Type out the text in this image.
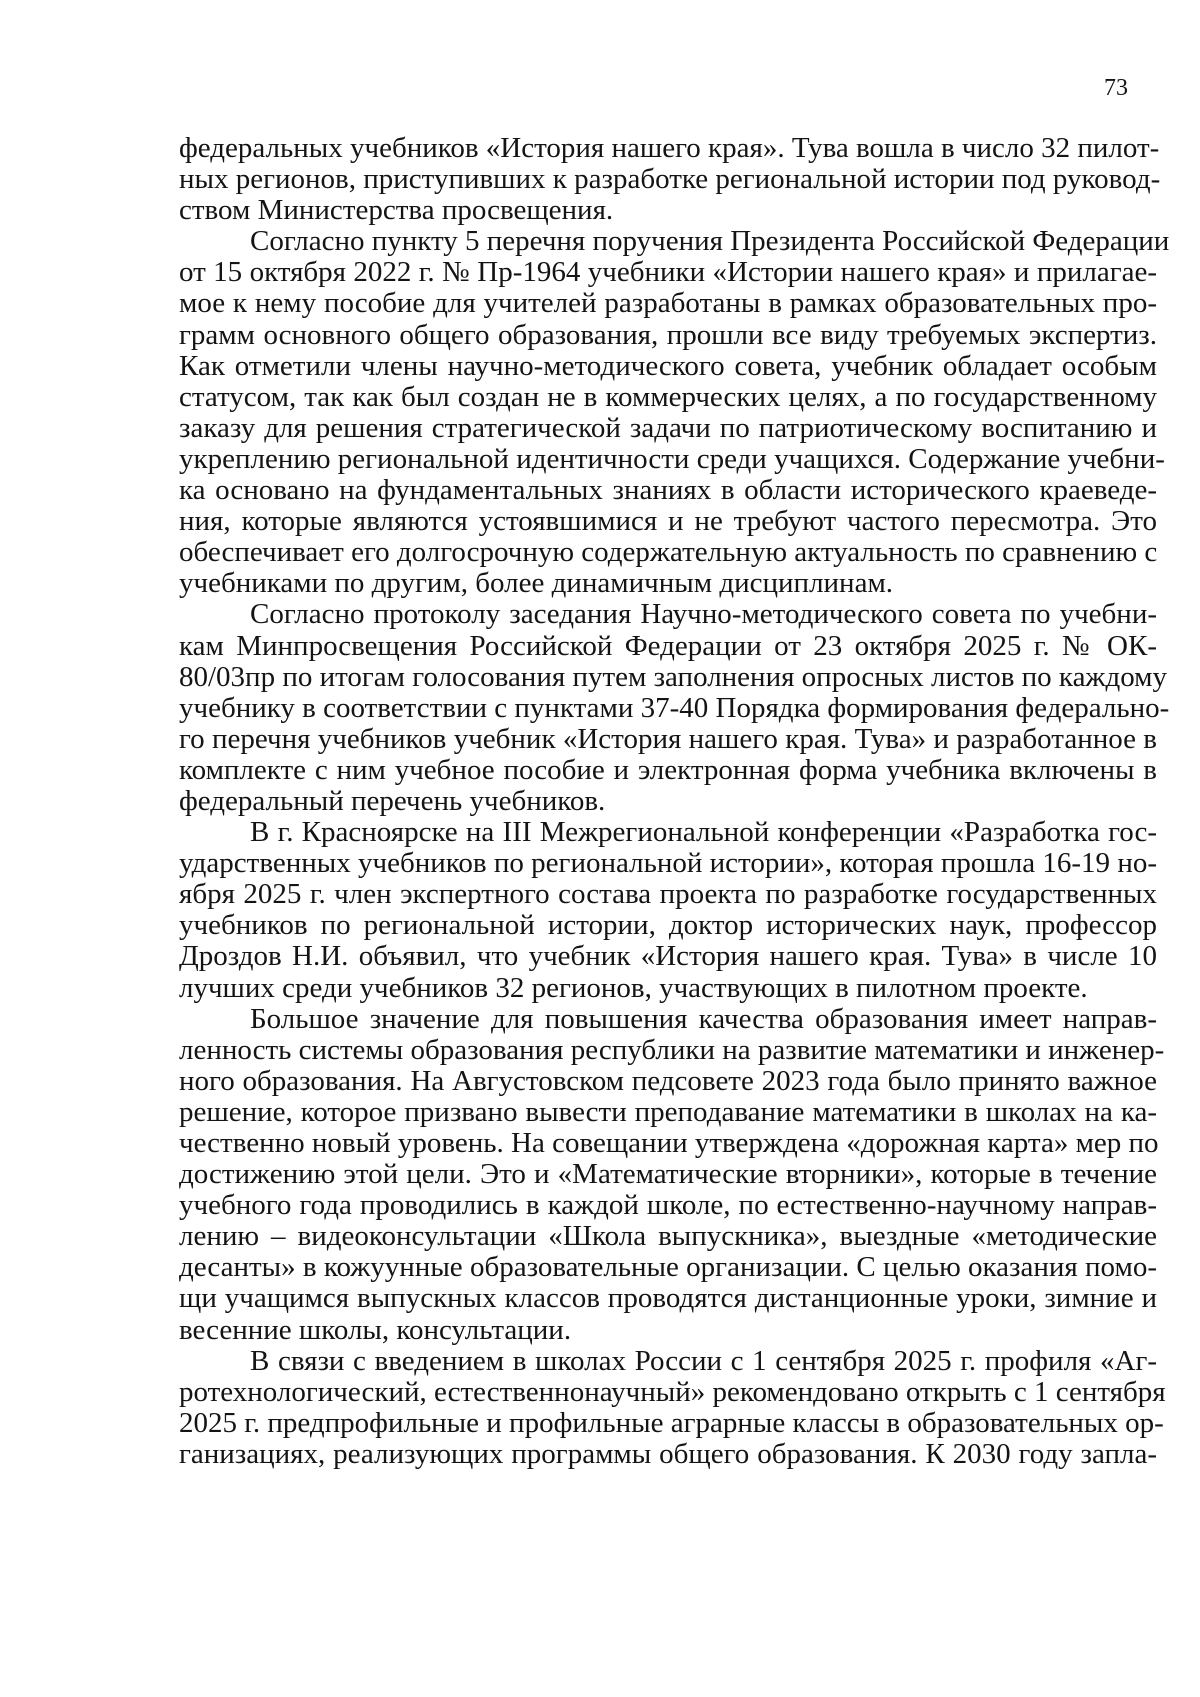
73
федеральных учебников «История нашего края». Тува вошла в число 32 пилот-
ных регионов, приступивших к разработке региональной истории под руковод-
ством Министерства просвещения.
Согласно пункту 5 перечня поручения Президента Российской Федерации
от 15 октября 2022 г. № Пр-1964 учебники «Истории нашего края» и прилагае-
мое к нему пособие для учителей разработаны в рамках образовательных про-
грамм основного общего образования, прошли все виду требуемых экспертиз.
Как отметили члены научно-методического совета, учебник обладает особым
статусом, так как был создан не в коммерческих целях, а по государственному
заказу для решения стратегической задачи по патриотическому воспитанию и
укреплению региональной идентичности среди учащихся. Содержание учебни-
ка основано на фундаментальных знаниях в области исторического краеведе-
ния, которые являются устоявшимися и не требуют частого пересмотра. Это
обеспечивает его долгосрочную содержательную актуальность по сравнению с
учебниками по другим, более динамичным дисциплинам.
Согласно протоколу заседания Научно-методического совета по учебни-
кам Минпросвещения Российской Федерации от 23 октября 2025 г. № ОК-
80/03пр по итогам голосования путем заполнения опросных листов по каждому
учебнику в соответствии с пунктами 37-40 Порядка формирования федерально-
го перечня учебников учебник «История нашего края. Тува» и разработанное в
комплекте с ним учебное пособие и электронная форма учебника включены в
федеральный перечень учебников.
В г. Красноярске на III Межрегиональной конференции «Разработка гос-
ударственных учебников по региональной истории», которая прошла 16-19 но-
ября 2025 г. член экспертного состава проекта по разработке государственных
учебников по региональной истории, доктор исторических наук, профессор
Дроздов Н.И. объявил, что учебник «История нашего края. Тува» в числе 10
лучших среди учебников 32 регионов, участвующих в пилотном проекте.
Большое значение для повышения качества образования имеет направ-
ленность системы образования республики на развитие математики и инженер-
ного образования. На Августовском педсовете 2023 года было принято важное
решение, которое призвано вывести преподавание математики в школах на ка-
чественно новый уровень. На совещании утверждена «дорожная карта» мер по
достижению этой цели. Это и «Математические вторники», которые в течение
учебного года проводились в каждой школе, по естественно-научному направ-
лению – видеоконсультации «Школа выпускника», выездные «методические
десанты» в кожуунные образовательные организации. С целью оказания помо-
щи учащимся выпускных классов проводятся дистанционные уроки, зимние и
весенние школы, консультации.
В связи с введением в школах России с 1 сентября 2025 г. профиля «Аг-
ротехнологический, естественнонаучный» рекомендовано открыть с 1 сентября
2025 г. предпрофильные и профильные аграрные классы в образовательных ор-
ганизациях, реализующих программы общего образования. К 2030 году запла-
